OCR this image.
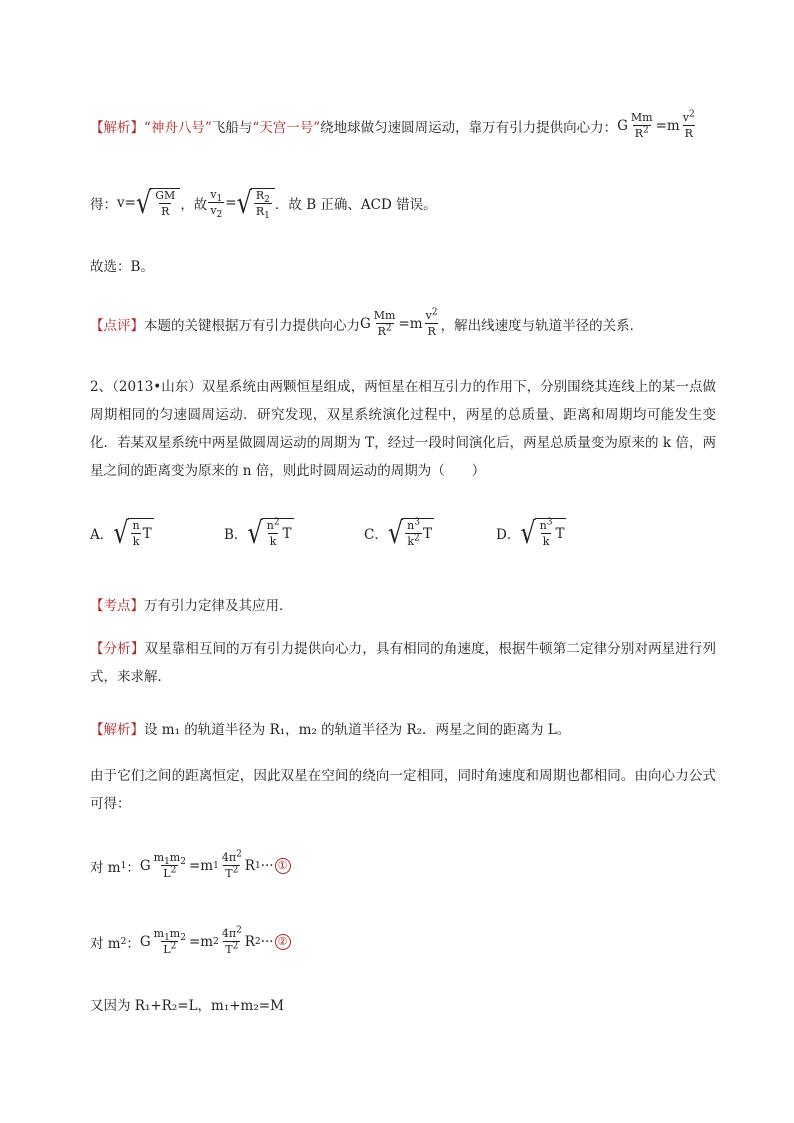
【解析】 “神舟八号” 飞船与 “天宫一号” 绕地球做匀速圆周运动，靠万有引力提供向心力： G $\frac{Mm}{R^2} =m \frac{v^2}{R}$
得： v= √ $\frac{GM}{R}$ ，故 $\frac{v_1}{v_2}$ = √ $\frac{R_2}{R_1}$ ．故 B 正确、ACD 错误。
故选：B。
【点评】 本题的关键根据万有引力提供向心力 G $\frac{Mm}{R^2} =m \frac{v^2}{R}$ ，解出线速度与轨道半径的关系．
2、（2013•山东）双星系统由两颗恒星组成，两恒星在相互引力的作用下，分别围绕其连线上的某一点做周期相同的匀速圆周运动．研究发现，双星系统演化过程中，两星的总质量、距离和周期均可能发生变化．若某双星系统中两星做圆周运动的周期为 T，经过一段时间演化后，两星总质量变为原来的 k 倍，两星之间的距离变为原来的 n 倍，则此时圆周运动的周期为（　　）
A． √ $\frac{n}{k}$ T	B． √ $\frac{n^2}{k}$ T	C． √ $\frac{n^3}{k^2}$ T	D． √ $\frac{n^3}{k}$ T
【考点】 万有引力定律及其应用．
【分析】双星靠相互间的万有引力提供向心力，具有相同的角速度，根据牛顿第二定律分别对两星进行列式，来求解．
【解析】 设 m₁ 的轨道半径为 R₁，m₂ 的轨道半径为 R₂．两星之间的距离为 L。
由于它们之间的距离恒定，因此双星在空间的绕向一定相同，同时角速度和周期也都相同。由向心力公式可得：
对 m 1 ： G $\frac{m_1m_2}{L^2} =m$ $1 \frac{4\pi^2}{T^2}$ R 1 ··· ①
对 m 2 ： G $\frac{m_1m_2}{L^2} =m$ $2 \frac{4\pi^2}{T^2}$ R 2 ··· ②
又因为 R₁+R₂=L，m₁+m₂=M
